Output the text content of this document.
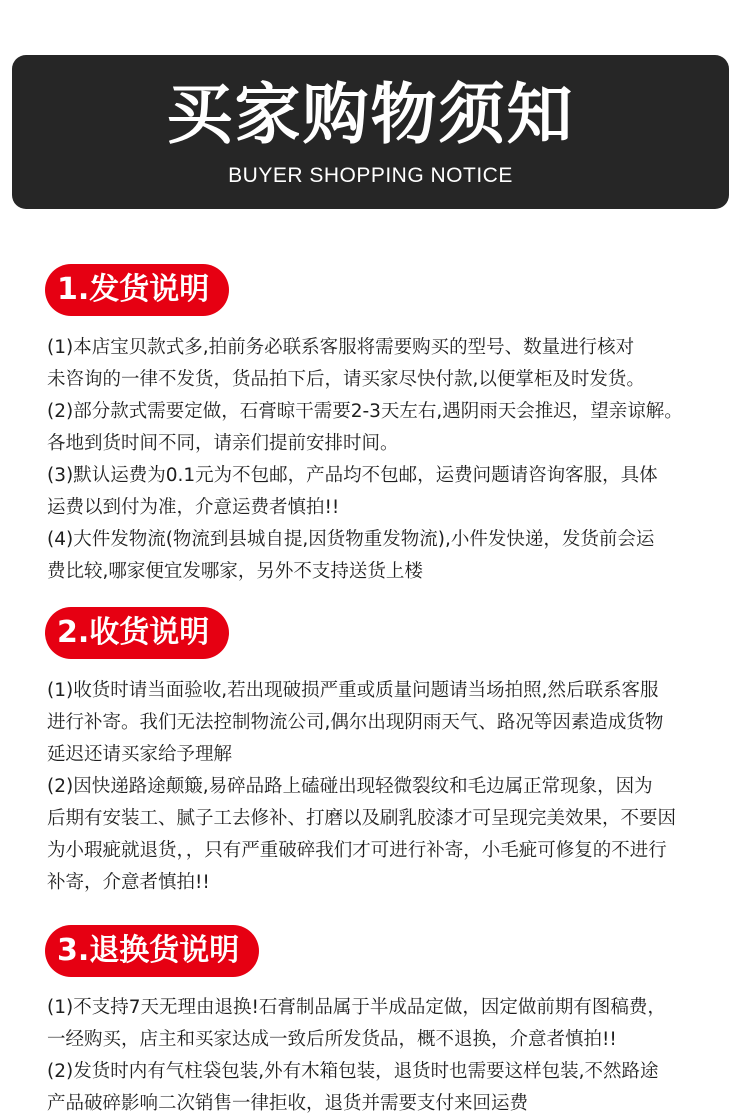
买家购物须知
BUYER SHOPPING NOTICE
1.发货说明
(1)本店宝贝款式多,拍前务必联系客服将需要购买的型号、数量进行核对
未咨询的一律不发货，货品拍下后，请买家尽快付款,以便掌柜及时发货。
(2)部分款式需要定做，石膏晾干需要2-3天左右,遇阴雨天会推迟，望亲谅解。
各地到货时间不同，请亲们提前安排时间。
(3)默认运费为0.1元为不包邮，产品均不包邮，运费问题请咨询客服，具体
运费以到付为准，介意运费者慎拍!!
(4)大件发物流(物流到县城自提,因货物重发物流),小件发快递，发货前会运
费比较,哪家便宜发哪家，另外不支持送货上楼
2.收货说明
(1)收货时请当面验收,若出现破损严重或质量问题请当场拍照,然后联系客服
进行补寄。我们无法控制物流公司,偶尔出现阴雨天气、路况等因素造成货物
延迟还请买家给予理解
(2)因快递路途颠簸,易碎品路上磕碰出现轻微裂纹和毛边属正常现象，因为
后期有安装工、腻子工去修补、打磨以及刷乳胶漆才可呈现完美效果，不要因
为小瑕疵就退货，，只有严重破碎我们才可进行补寄，小毛疵可修复的不进行
补寄，介意者慎拍!!
3.退换货说明
(1)不支持7天无理由退换!石膏制品属于半成品定做，因定做前期有图稿费，
一经购买，店主和买家达成一致后所发货品，概不退换，介意者慎拍!!
(2)发货时内有气柱袋包装,外有木箱包装，退货时也需要这样包装,不然路途
产品破碎影响二次销售一律拒收，退货并需要支付来回运费
